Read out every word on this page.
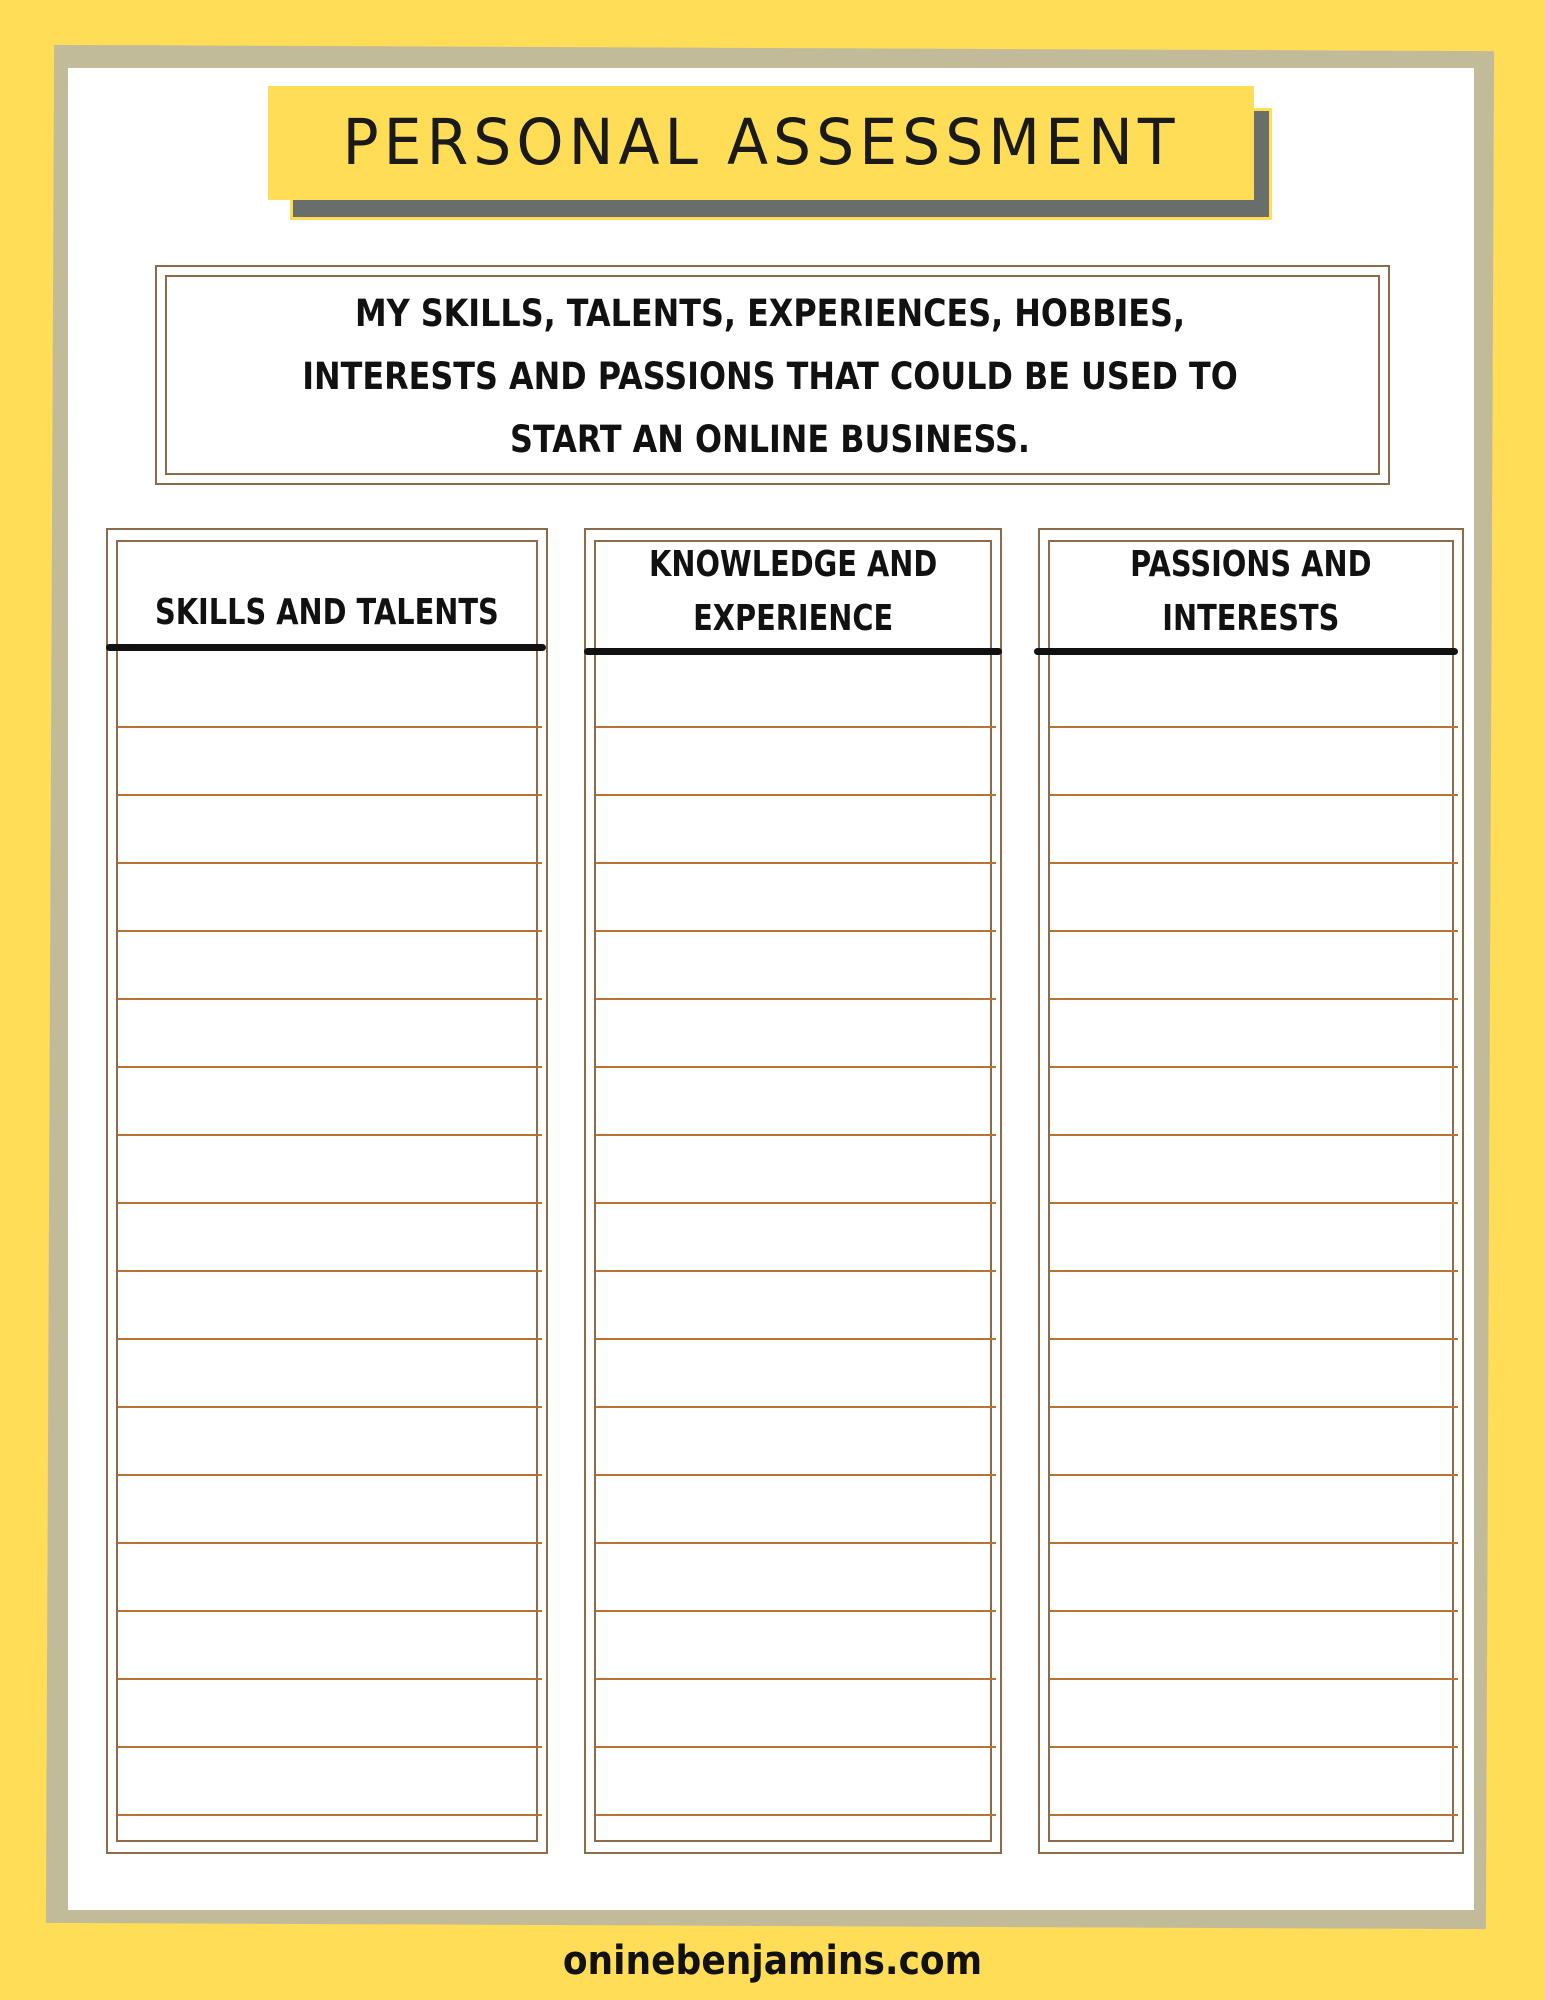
PERSONAL ASSESSMENT
MY SKILLS, TALENTS, EXPERIENCES, HOBBIES,
INTERESTS AND PASSIONS THAT COULD BE USED TO
START AN ONLINE BUSINESS.
SKILLS AND TALENTS
KNOWLEDGE AND
EXPERIENCE
PASSIONS AND
INTERESTS
oninebenjamins.com
